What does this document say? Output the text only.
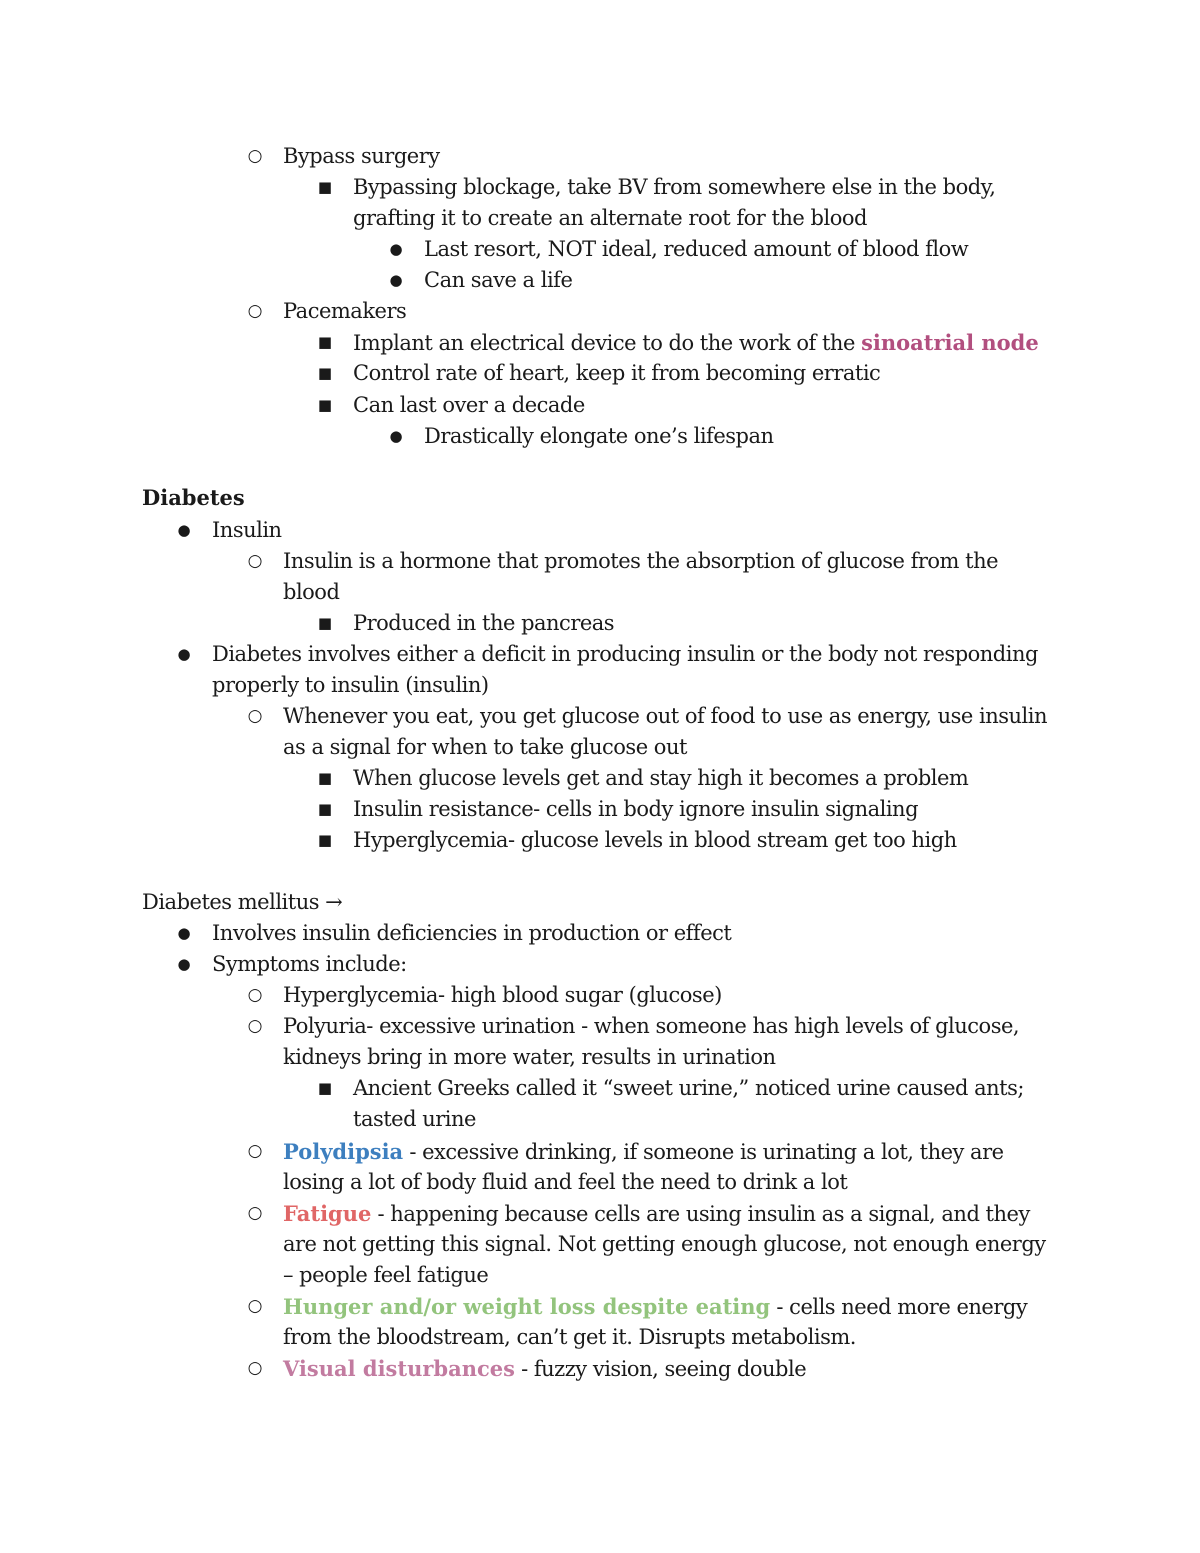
○ Bypass surgery
■ Bypassing blockage, take BV from somewhere else in the body,
grafting it to create an alternate root for the blood
● Last resort, NOT ideal, reduced amount of blood flow
● Can save a life
○ Pacemakers
■ Implant an electrical device to do the work of the sinoatrial node
■ Control rate of heart, keep it from becoming erratic
■ Can last over a decade
● Drastically elongate one’s lifespan
Diabetes
● Insulin
○ Insulin is a hormone that promotes the absorption of glucose from the
blood
■ Produced in the pancreas
● Diabetes involves either a deficit in producing insulin or the body not responding
properly to insulin (insulin)
○ Whenever you eat, you get glucose out of food to use as energy, use insulin
as a signal for when to take glucose out
■ When glucose levels get and stay high it becomes a problem
■ Insulin resistance- cells in body ignore insulin signaling
■ Hyperglycemia- glucose levels in blood stream get too high
Diabetes mellitus →
● Involves insulin deficiencies in production or effect
● Symptoms include:
○ Hyperglycemia- high blood sugar (glucose)
○ Polyuria- excessive urination - when someone has high levels of glucose,
kidneys bring in more water, results in urination
■ Ancient Greeks called it “sweet urine,” noticed urine caused ants;
tasted urine
○ Polydipsia - excessive drinking, if someone is urinating a lot, they are
losing a lot of body fluid and feel the need to drink a lot
○ Fatigue - happening because cells are using insulin as a signal, and they
are not getting this signal. Not getting enough glucose, not enough energy
– people feel fatigue
○ Hunger and/or weight loss despite eating - cells need more energy
from the bloodstream, can’t get it. Disrupts metabolism.
○ Visual disturbances - fuzzy vision, seeing double
